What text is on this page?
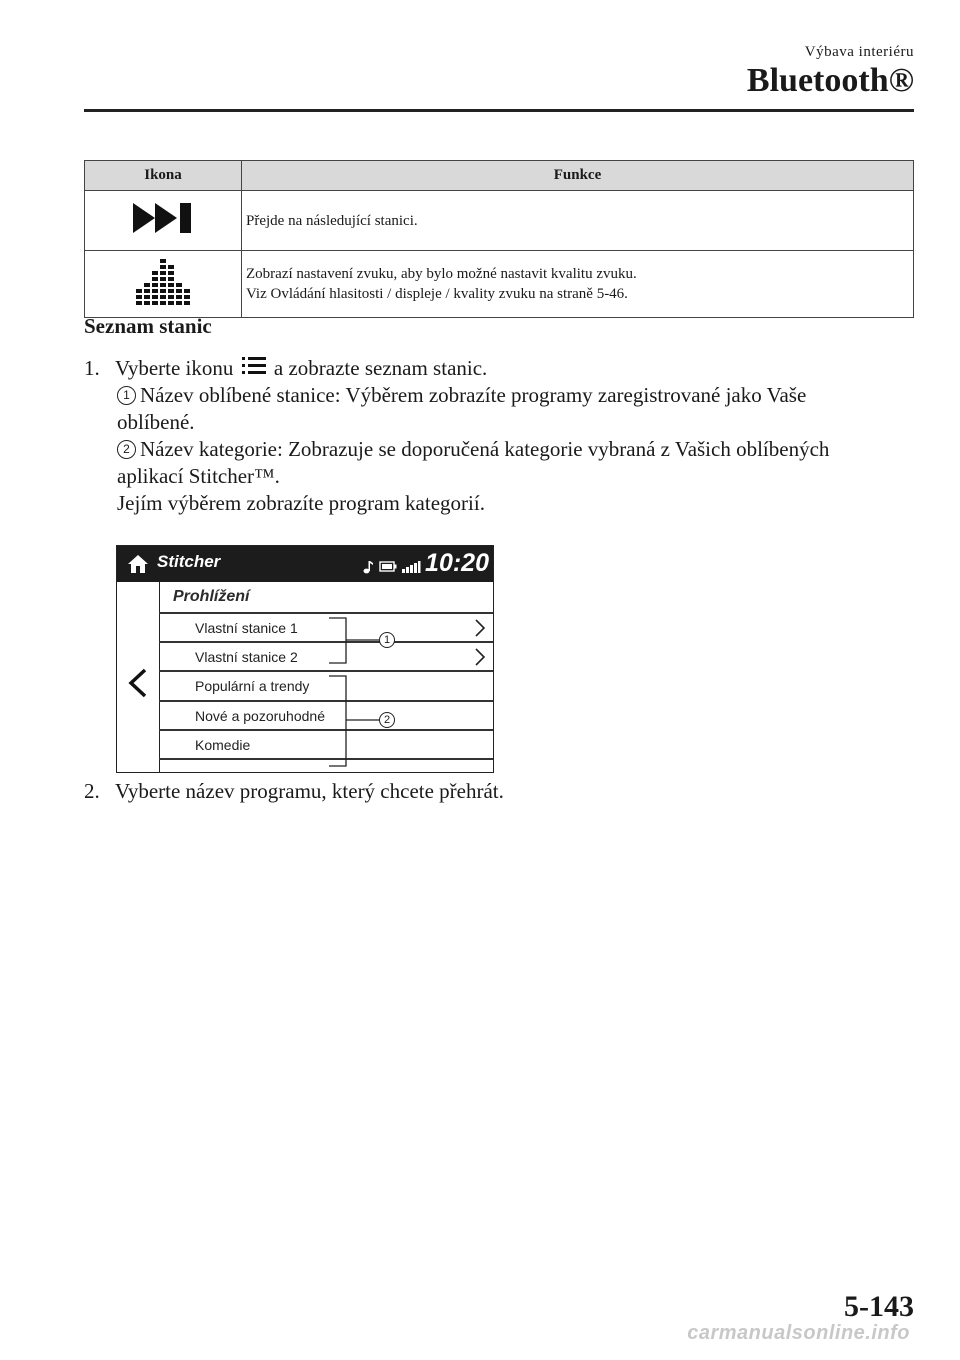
Výbava interiéru
Bluetooth®
Ikona	Funkce

Přejde na následující stanici.

Zobrazí nastavení zvuku, aby bylo možné nastavit kvalitu zvuku.
Viz Ovládání hlasitosti / displeje / kvality zvuku na straně 5-46.
Seznam stanic
1. Vyberte ikonu a zobrazte seznam stanic.
1 Název oblíbené stanice: Výběrem zobrazíte programy zaregistrované jako Vaše
oblíbené.
2 Název kategorie: Zobrazuje se doporučená kategorie vybraná z Vašich oblíbených
aplikací Stitcher™.
Jejím výběrem zobrazíte program kategorií.
Stitcher	10:20
Prohlížení
Vlastní stanice 1
Vlastní stanice 2
Populární a trendy
Nové a pozoruhodné
Komedie
1
2
2. Vyberte název programu, který chcete přehrát.
5-143
carmanualsonline.info
